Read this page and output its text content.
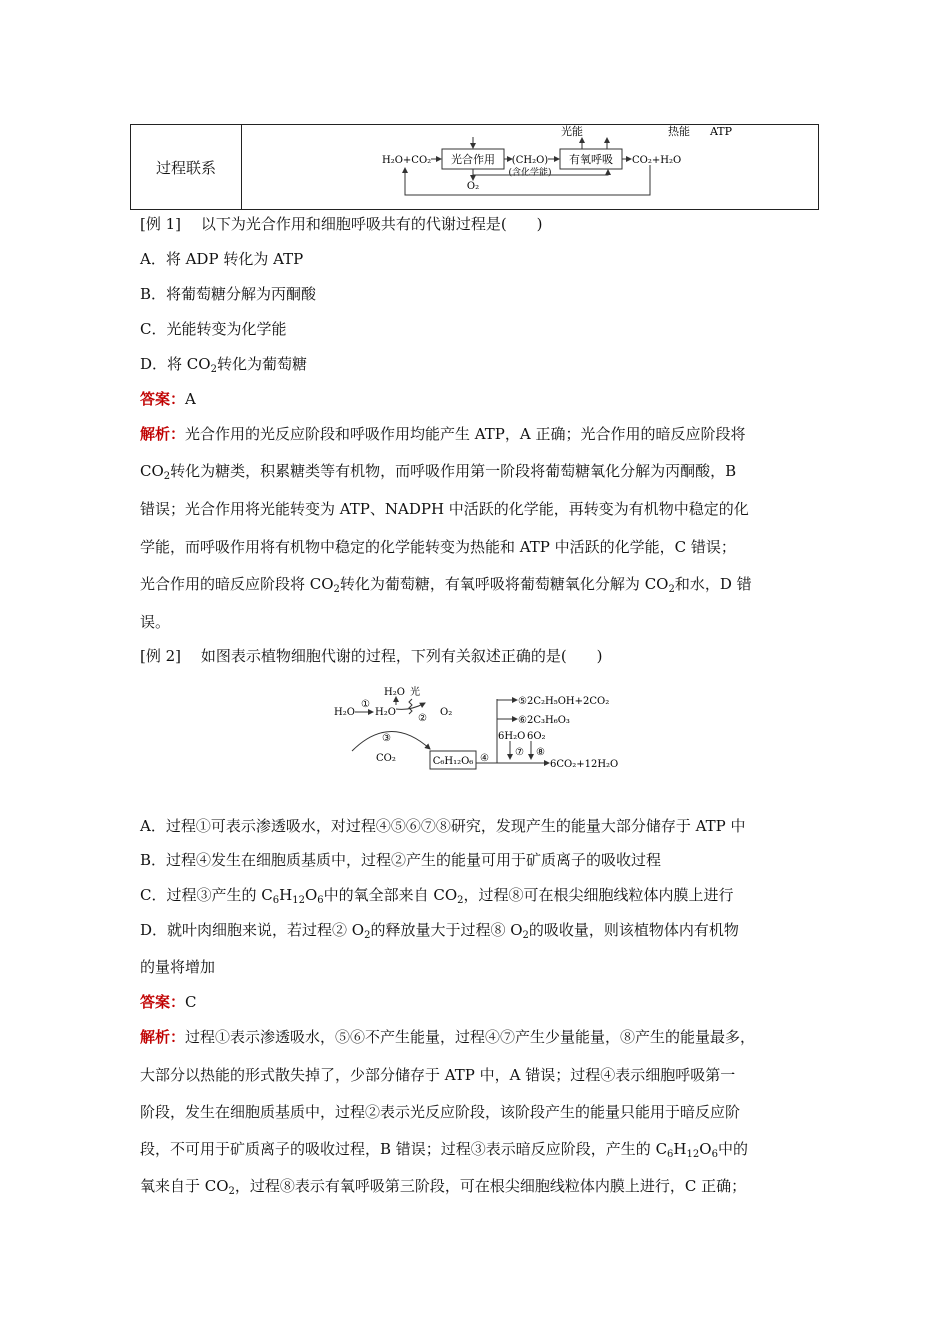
过程联系
光能	热能 ATP
H₂O+CO₂ 光合作用 (CH₂O)
(含化学能)
有氧呼吸 CO₂+H₂O
O₂
[例 1]　 以下为光合作用和细胞呼吸共有的代谢过程是(　　)
A．将 ADP 转化为 ATP
B．将葡萄糖分解为丙酮酸
C．光能转变为化学能
D．将 $CO_2$转化为葡萄糖
答案：A
解析：光合作用的光反应阶段和呼吸作用均能产生 ATP，A 正确；光合作用的暗反应阶段将
$CO_2$转化为糖类，积累糖类等有机物，而呼吸作用第一阶段将葡萄糖氧化分解为丙酮酸，B
错误；光合作用将光能转变为 ATP、NADPH 中活跃的化学能，再转变为有机物中稳定的化
学能，而呼吸作用将有机物中稳定的化学能转变为热能和 ATP 中活跃的化学能，C 错误；
光合作用的暗反应阶段将 $CO_2$转化为葡萄糖，有氧呼吸将葡萄糖氧化分解为 $CO_2$和水，D 错
误。
[例 2]　 如图表示植物细胞代谢的过程，下列有关叙述正确的是(　　)
H₂O
①
H₂O
H₂O 光
②
O₂
③
CO₂	C₆H₁₂O₆ ④
⑤2C₂H₅OH+2CO₂
⑥2C₃H₆O₃
6H₂O 6O₂
⑦ ⑧
6CO₂+12H₂O
A．过程①可表示渗透吸水，对过程④⑤⑥⑦⑧研究，发现产生的能量大部分储存于 ATP 中
B．过程④发生在细胞质基质中，过程②产生的能量可用于矿质离子的吸收过程
C．过程③产生的 $C_6H_{12}O_6$中的氧全部来自 $CO_2$，过程⑧可在根尖细胞线粒体内膜上进行
D．就叶肉细胞来说，若过程② $O_2$的释放量大于过程⑧ $O_2$的吸收量，则该植物体内有机物
的量将增加
答案：C
解析：过程①表示渗透吸水，⑤⑥不产生能量，过程④⑦产生少量能量，⑧产生的能量最多，
大部分以热能的形式散失掉了，少部分储存于 ATP 中，A 错误；过程④表示细胞呼吸第一
阶段，发生在细胞质基质中，过程②表示光反应阶段，该阶段产生的能量只能用于暗反应阶
段，不可用于矿质离子的吸收过程，B 错误；过程③表示暗反应阶段，产生的 $C_6H_{12}O_6$中的
氧来自于 $CO_2$，过程⑧表示有氧呼吸第三阶段，可在根尖细胞线粒体内膜上进行，C 正确；
